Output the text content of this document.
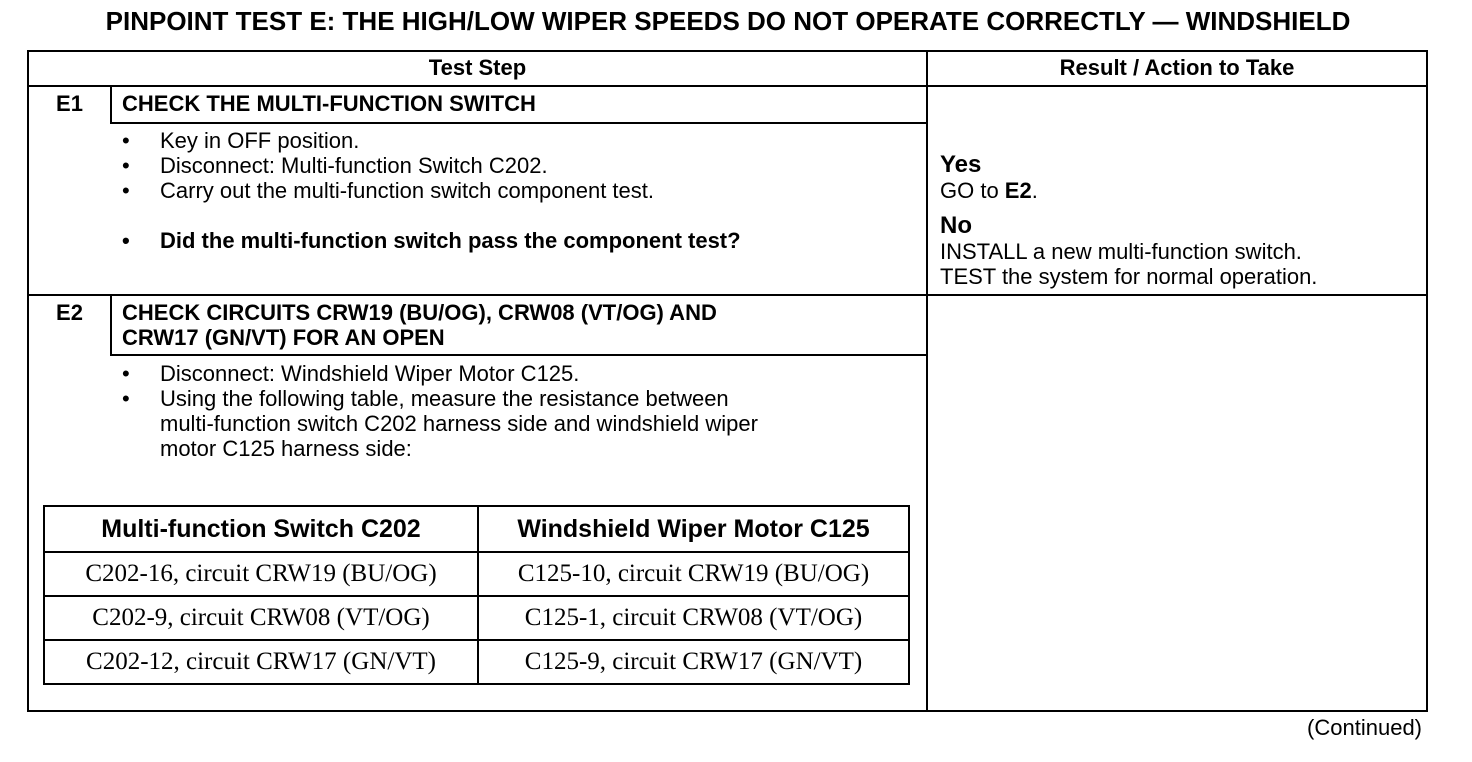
PINPOINT TEST E: THE HIGH/LOW WIPER SPEEDS DO NOT OPERATE CORRECTLY — WINDSHIELD
Test Step	Result / Action to Take
E1	CHECK THE MULTI-FUNCTION SWITCH
• Key in OFF position.
• Disconnect: Multi-function Switch C202.
• Carry out the multi-function switch component test.
• Did the multi-function switch pass the component test?
Yes
GO to E2.
No
INSTALL a new multi-function switch.
TEST the system for normal operation.
E2	CHECK CIRCUITS CRW19 (BU/OG), CRW08 (VT/OG) AND
CRW17 (GN/VT) FOR AN OPEN
• Disconnect: Windshield Wiper Motor C125.
• Using the following table, measure the resistance between
multi-function switch C202 harness side and windshield wiper
motor C125 harness side:
Multi-function Switch C202	Windshield Wiper Motor C125
C202-16, circuit CRW19 (BU/OG)	C125-10, circuit CRW19 (BU/OG)
C202-9, circuit CRW08 (VT/OG)	C125-1, circuit CRW08 (VT/OG)
C202-12, circuit CRW17 (GN/VT)	C125-9, circuit CRW17 (GN/VT)
(Continued)
